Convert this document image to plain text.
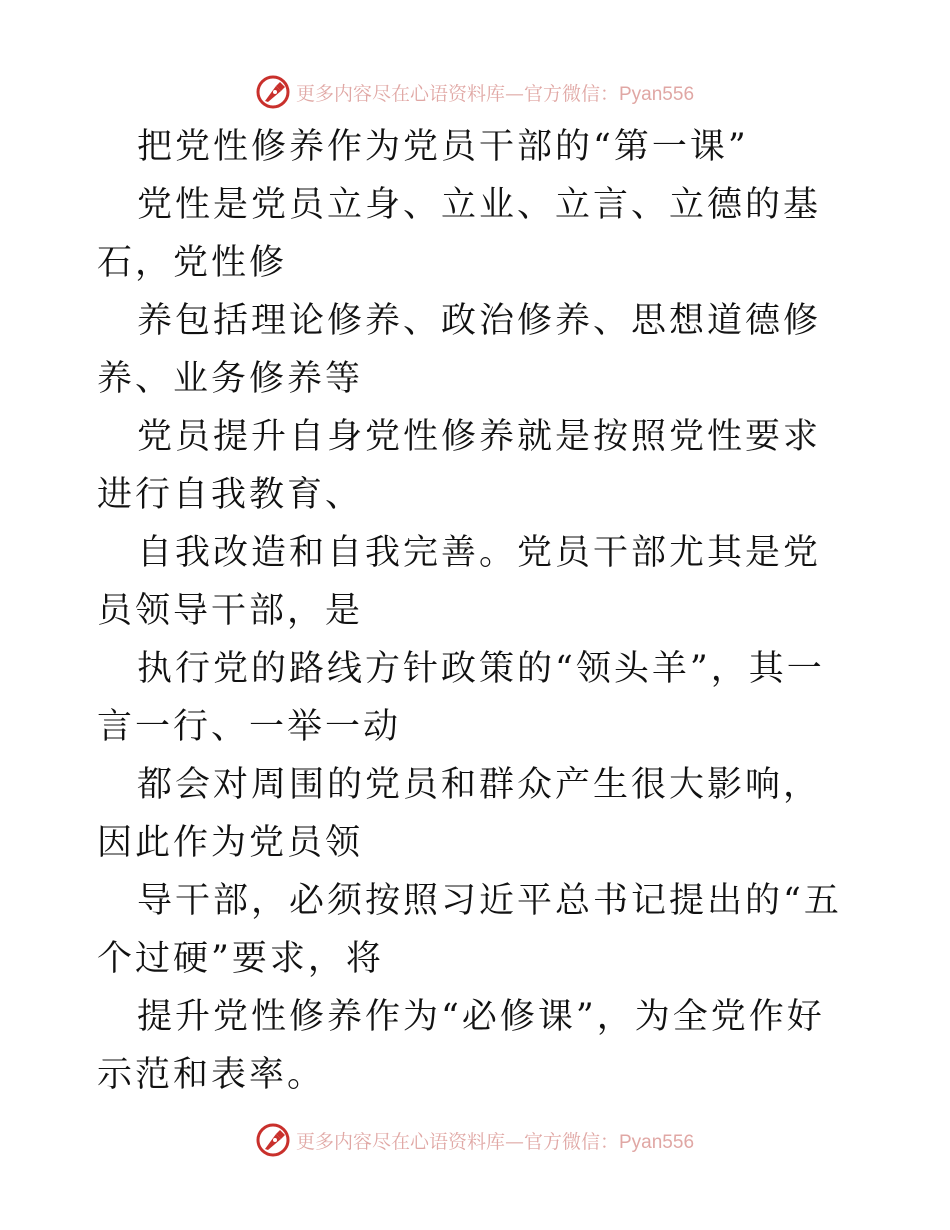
更多内容尽在心语资料库—官方微信：Pyan556

把党性修养作为党员干部的“第一课”

党性是党员立身、立业、立言、立德的基石，党性修

养包括理论修养、政治修养、思想道德修养、业务修养等

党员提升自身党性修养就是按照党性要求进行自我教育、

自我改造和自我完善。党员干部尤其是党员领导干部，是

执行党的路线方针政策的“领头羊”，其一言一行、一举一动

都会对周围的党员和群众产生很大影响，因此作为党员领

导干部，必须按照习近平总书记提出的“五个过硬”要求，将

提升党性修养作为“必修课”，为全党作好示范和表率。

更多内容尽在心语资料库—官方微信：Pyan556
